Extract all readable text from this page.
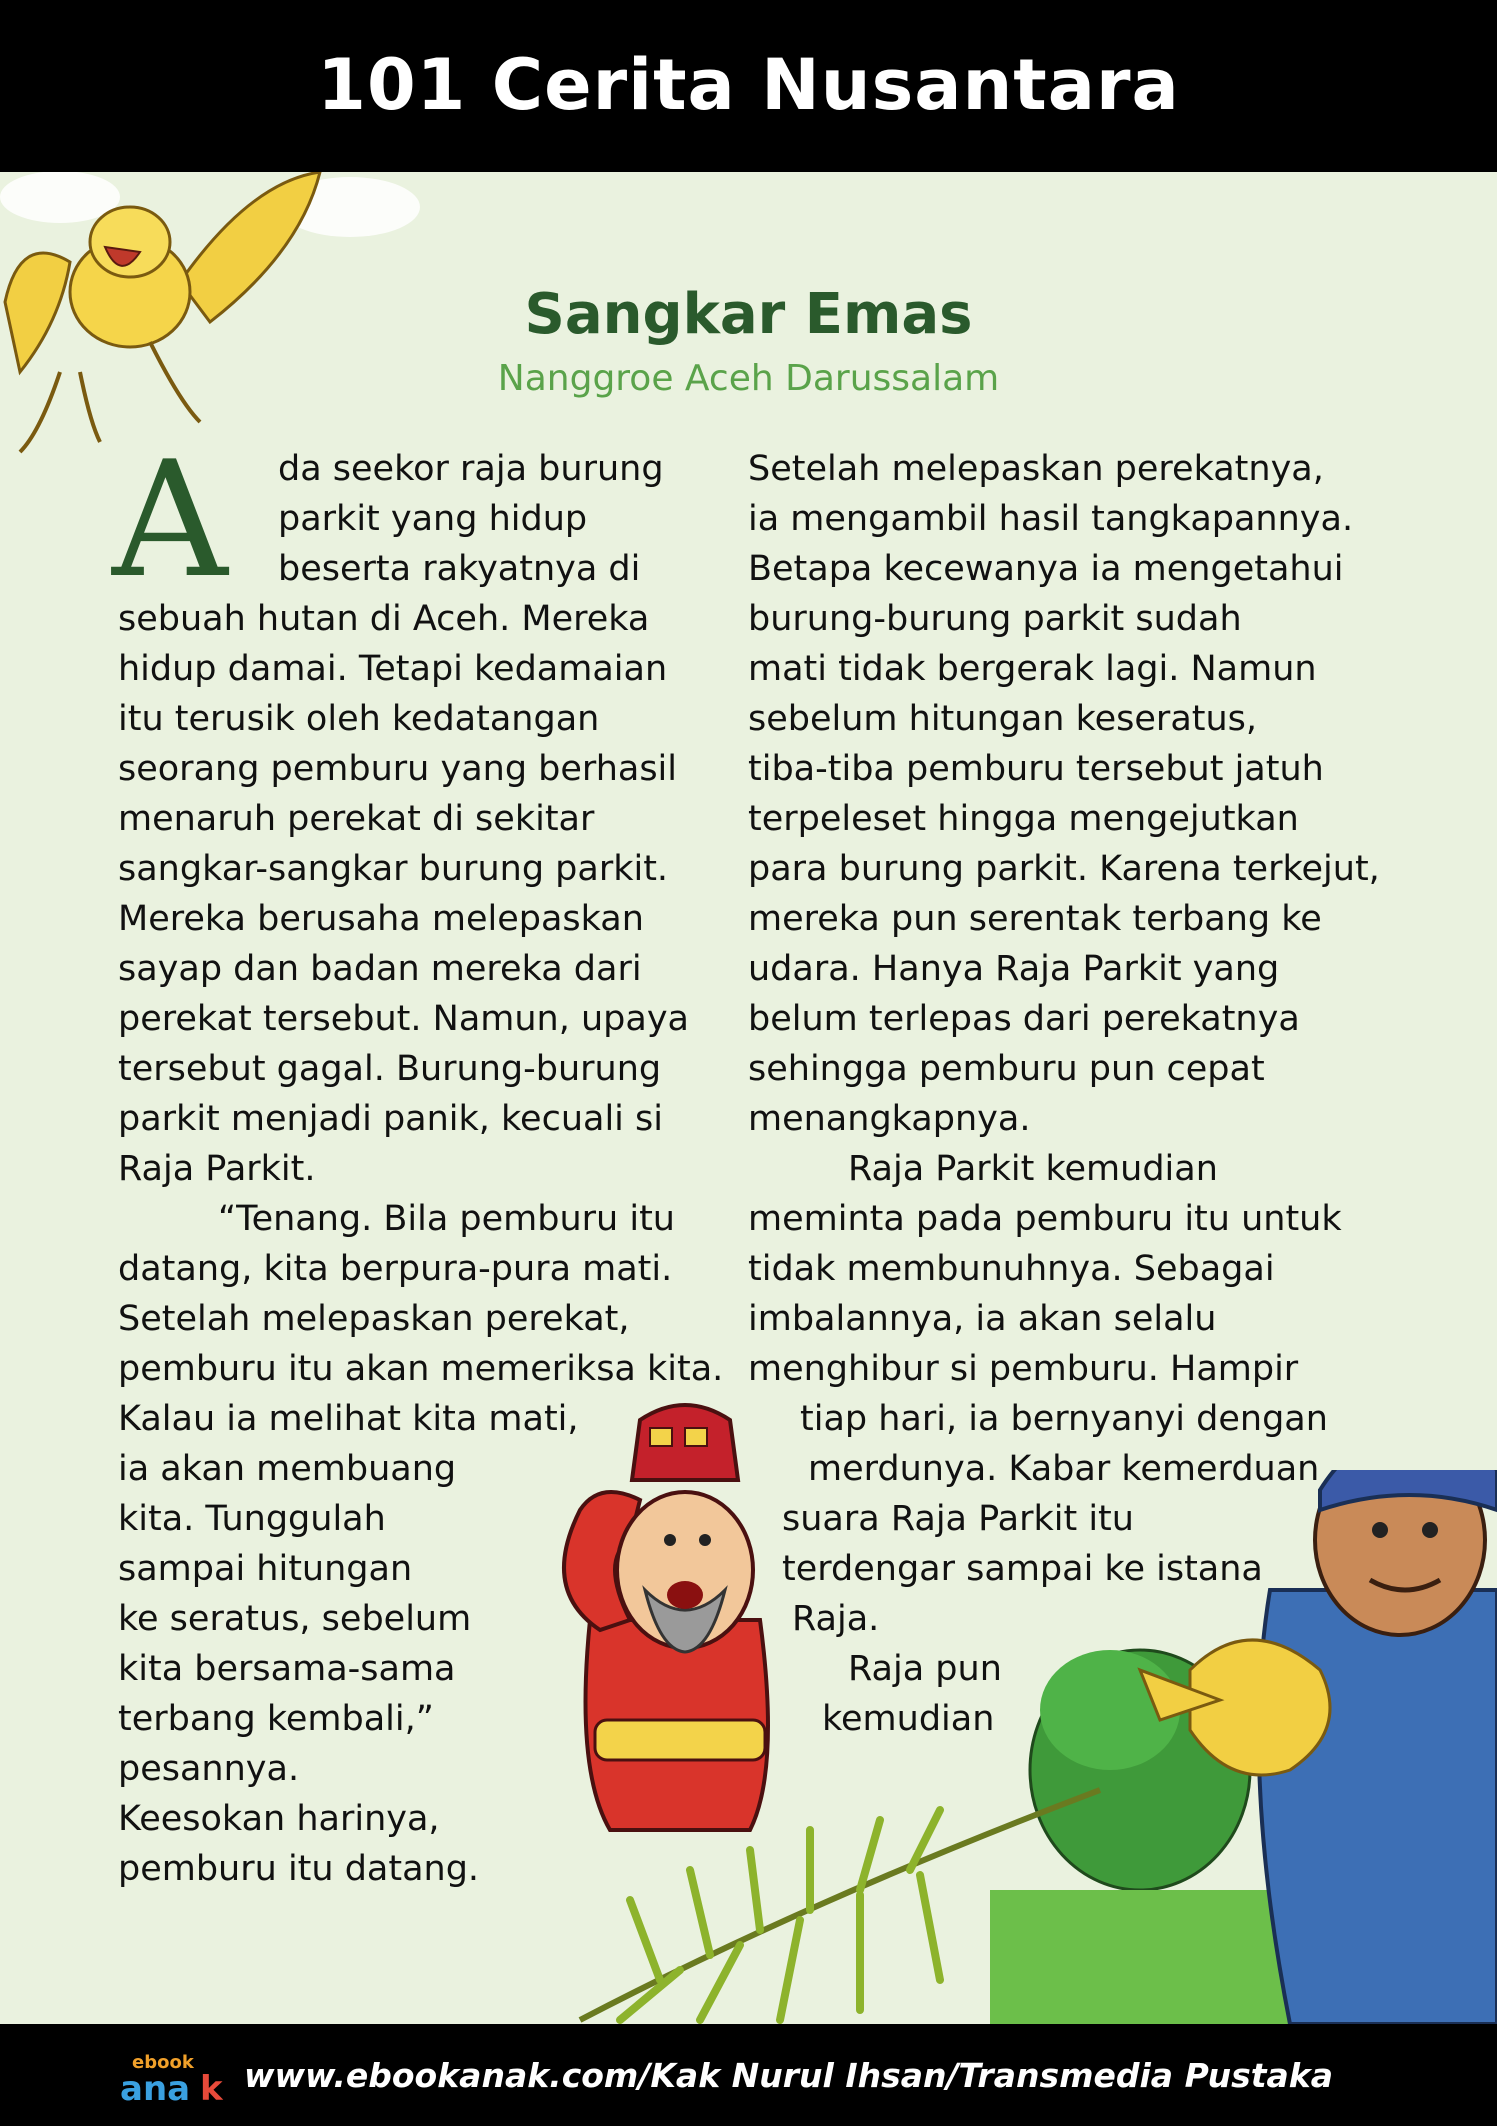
101 Cerita Nusantara
Sangkar Emas
Nanggroe Aceh Darussalam
A da seekor raja burung
parkit yang hidup
beserta rakyatnya di
sebuah hutan di Aceh. Mereka
hidup damai. Tetapi kedamaian
itu terusik oleh kedatangan
seorang pemburu yang berhasil
menaruh perekat di sekitar
sangkar-sangkar burung parkit.
Mereka berusaha melepaskan
sayap dan badan mereka dari
perekat tersebut. Namun, upaya
tersebut gagal. Burung-burung
parkit menjadi panik, kecuali si
Raja Parkit.
“Tenang. Bila pemburu itu
datang, kita berpura-pura mati.
Setelah melepaskan perekat,
pemburu itu akan memeriksa kita.
Kalau ia melihat kita mati,
ia akan membuang
kita. Tunggulah
sampai hitungan
ke seratus, sebelum
kita bersama-sama
terbang kembali,”
pesannya.
Keesokan harinya,
pemburu itu datang.
Setelah melepaskan perekatnya,
ia mengambil hasil tangkapannya.
Betapa kecewanya ia mengetahui
burung-burung parkit sudah
mati tidak bergerak lagi. Namun
sebelum hitungan keseratus,
tiba-tiba pemburu tersebut jatuh
terpeleset hingga mengejutkan
para burung parkit. Karena terkejut,
mereka pun serentak terbang ke
udara. Hanya Raja Parkit yang
belum terlepas dari perekatnya
sehingga pemburu pun cepat
menangkapnya.
Raja Parkit kemudian
meminta pada pemburu itu untuk
tidak membunuhnya. Sebagai
imbalannya, ia akan selalu
menghibur si pemburu. Hampir
tiap hari, ia bernyanyi dengan
merdunya. Kabar kemerduan
suara Raja Parkit itu
terdengar sampai ke istana
Raja.
Raja pun
kemudian
ebook
ana k www.ebookanak.com/Kak Nurul Ihsan/Transmedia Pustaka
